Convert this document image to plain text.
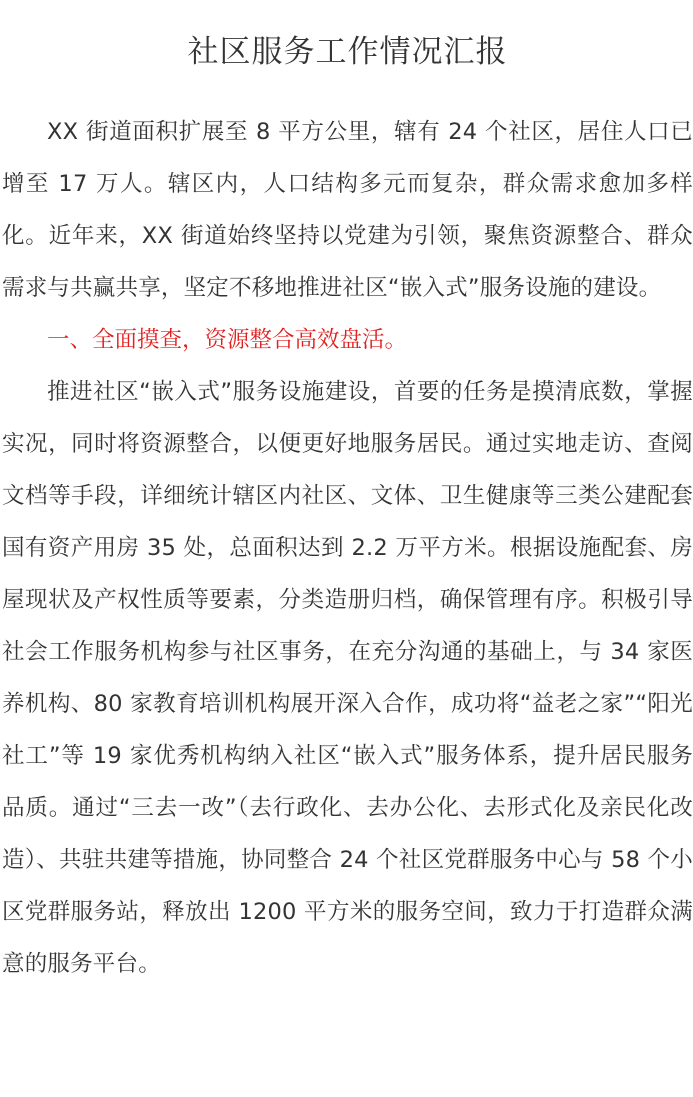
社区服务工作情况汇报

XX 街道面积扩展至 8 平方公里，辖有 24 个社区，居住人口已增至 17 万人。辖区内，人口结构多元而复杂，群众需求愈加多样化。近年来，XX 街道始终坚持以党建为引领，聚焦资源整合、群众需求与共赢共享，坚定不移地推进社区“嵌入式”服务设施的建设。

一、全面摸查，资源整合高效盘活。

推进社区“嵌入式”服务设施建设，首要的任务是摸清底数，掌握实况，同时将资源整合，以便更好地服务居民。通过实地走访、查阅文档等手段，详细统计辖区内社区、文体、卫生健康等三类公建配套国有资产用房 35 处，总面积达到 2.2 万平方米。根据设施配套、房屋现状及产权性质等要素，分类造册归档，确保管理有序。积极引导社会工作服务机构参与社区事务，在充分沟通的基础上，与 34 家医养机构、80 家教育培训机构展开深入合作，成功将“益老之家”“阳光社工”等 19 家优秀机构纳入社区“嵌入式”服务体系，提升居民服务品质。通过“三去一改”（去行政化、去办公化、去形式化及亲民化改造）、共驻共建等措施，协同整合 24 个社区党群服务中心与 58 个小区党群服务站，释放出 1200 平方米的服务空间，致力于打造群众满意的服务平台。
